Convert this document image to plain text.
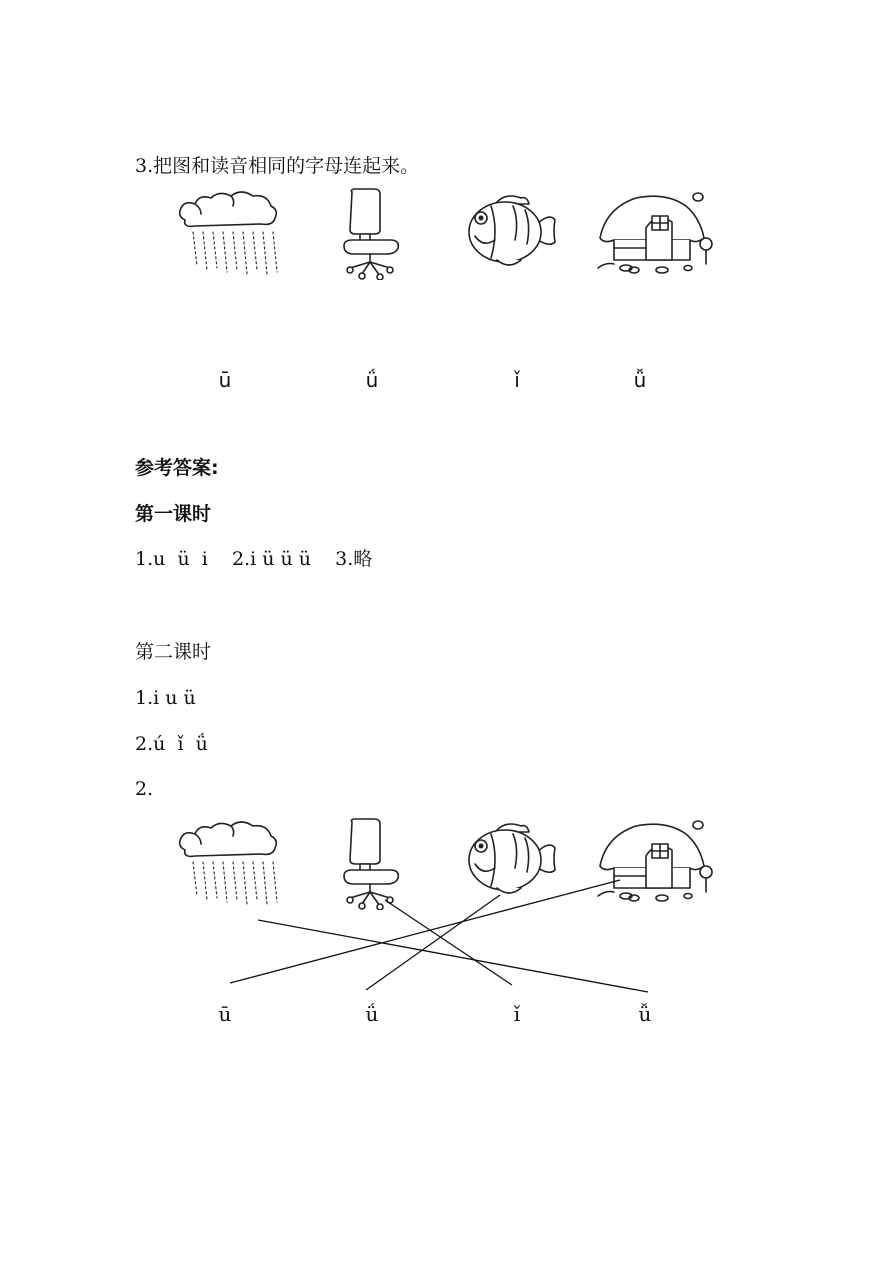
3.把图和读音相同的字母连起来。
ū	ǘ	ǐ	ǚ
参考答案:
第一课时
1.u  ü  i    2.i ü ü ü    3.略
第二课时
1.i u ü
2.ú  ǐ  ǘ
2.
ū	ǘ	ǐ	ǚ
